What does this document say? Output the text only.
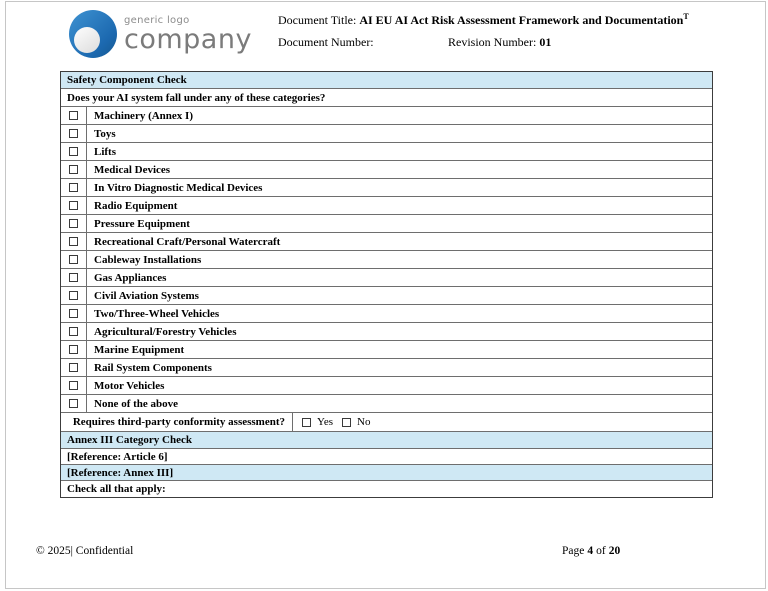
generic logo
company
Document Title: AI EU AI Act Risk Assessment Framework and Documentation$^T$
Document Number:	Revision Number: 01
Safety Component Check
Does your AI system fall under any of these categories?
Machinery (Annex I)
Toys
Lifts
Medical Devices
In Vitro Diagnostic Medical Devices
Radio Equipment
Pressure Equipment
Recreational Craft/Personal Watercraft
Cableway Installations
Gas Appliances
Civil Aviation Systems
Two/Three-Wheel Vehicles
Agricultural/Forestry Vehicles
Marine Equipment
Rail System Components
Motor Vehicles
None of the above
Requires third-party conformity assessment?	Yes No
Annex III Category Check
[Reference: Article 6]
[Reference: Annex III]
Check all that apply:
© 2025| Confidential	Page 4 of 20
